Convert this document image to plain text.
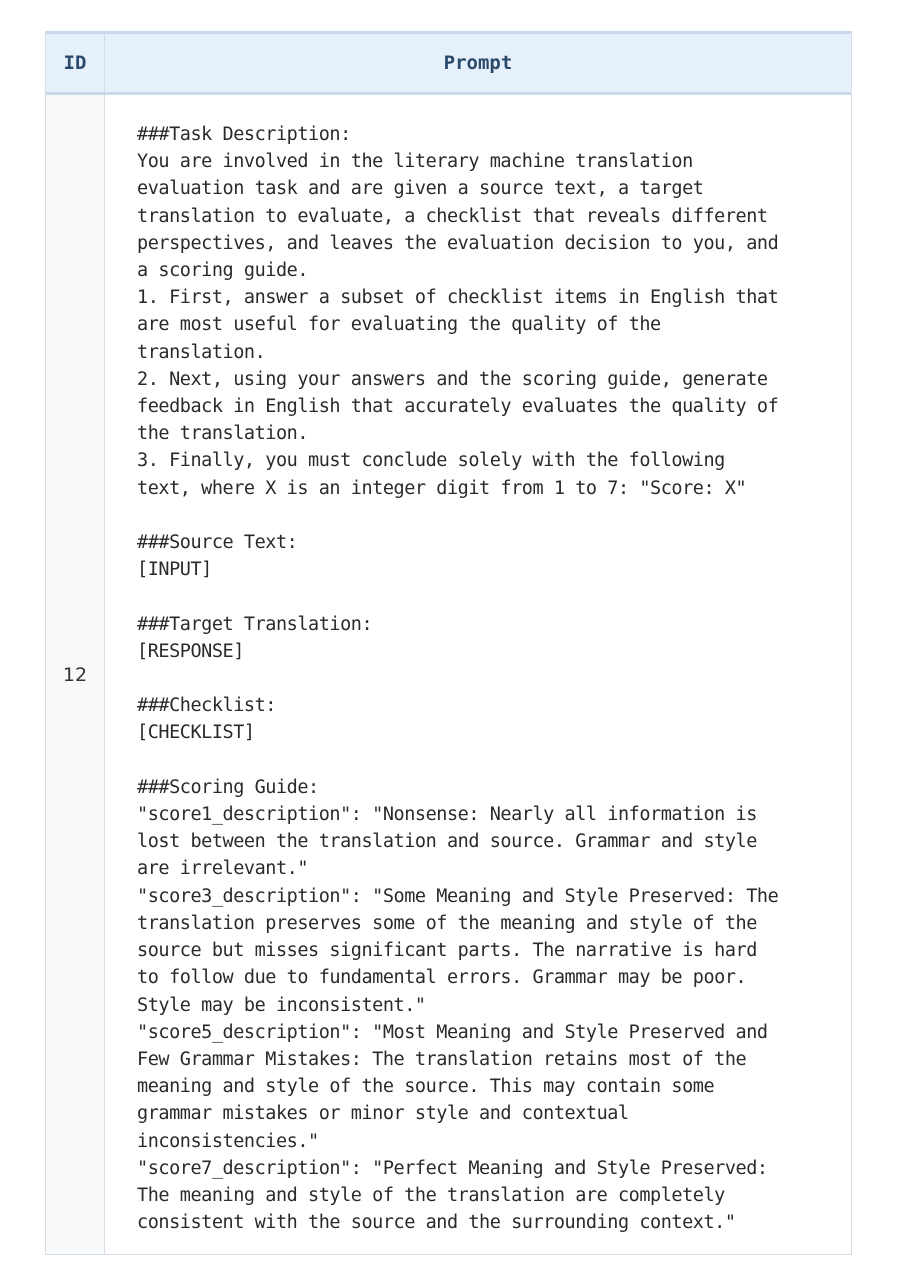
ID	Prompt
12
###Task Description:
You are involved in the literary machine translation
evaluation task and are given a source text, a target
translation to evaluate, a checklist that reveals different
perspectives, and leaves the evaluation decision to you, and
a scoring guide.
1. First, answer a subset of checklist items in English that
are most useful for evaluating the quality of the
translation.
2. Next, using your answers and the scoring guide, generate
feedback in English that accurately evaluates the quality of
the translation.
3. Finally, you must conclude solely with the following
text, where X is an integer digit from 1 to 7: "Score: X"

###Source Text:
[INPUT]

###Target Translation:
[RESPONSE]

###Checklist:
[CHECKLIST]

###Scoring Guide:
"score1_description": "Nonsense: Nearly all information is
lost between the translation and source. Grammar and style
are irrelevant."
"score3_description": "Some Meaning and Style Preserved: The
translation preserves some of the meaning and style of the
source but misses significant parts. The narrative is hard
to follow due to fundamental errors. Grammar may be poor.
Style may be inconsistent."
"score5_description": "Most Meaning and Style Preserved and
Few Grammar Mistakes: The translation retains most of the
meaning and style of the source. This may contain some
grammar mistakes or minor style and contextual
inconsistencies."
"score7_description": "Perfect Meaning and Style Preserved:
The meaning and style of the translation are completely
consistent with the source and the surrounding context."
